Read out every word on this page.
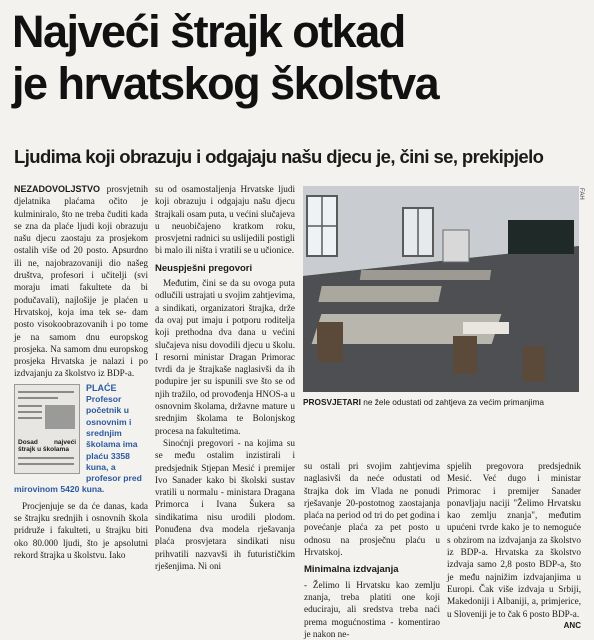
Najveći štrajk otkad
je hrvatskog školstva
Ljudima koji obrazuju i odgajaju našu djecu je, čini se, prekipjelo

NEZADOVOLJSTVO prosvjetnih djelatnika plaćama očito je kulminiralo, što ne treba čuditi kada se zna da plaće ljudi koji obrazuju našu djecu zaostaju za prosjekom ostalih više od 20 posto. Apsurdno ili ne, najobrazovaniji dio našeg društva, profesori i učitelji (svi moraju imati fakultete da bi podučavali), najlošije je plaćen u Hrvatskoj, koja ima tek se- dam posto visokoobrazovanih i po tome je na samom dnu europskog prosjeka. Na samom dnu europskog prosjeka Hrvatska je nalazi i po izdvajanju za školstvo iz BDP-a.

Dosad najveći štrajk u školama

PLAĆE

Profesor početnik u osnovnim i srednjim školama ima plaću 3358 kuna, a profesor pred mirovinom 5420 kuna.

Procjenjuje se da će danas, kada se štrajku srednjih i osnovnih škola pridruže i fakulteti, u štrajku biti oko 80.000 ljudi, što je apsolutni rekord štrajka u školstvu. Iako

su od osamostaljenja Hrvatske ljudi koji obrazuju i odgajaju našu djecu štrajkali osam puta, u većini slučajeva u neuobičajeno kratkom roku, prosvjetni radnici su uslijedili postigli bi malo ili ništa i vratili se u učionice.

Neuspješni pregovori

Međutim, čini se da su ovoga puta odlučili ustrajati u svojim zahtjevima, a sindikati, organizatori štrajka, drže da ovaj put imaju i potporu roditelja koji prethodna dva dana u većini slučajeva nisu dovodili djecu u školu. I resorni ministar Dragan Primorac tvrdi da je štrajkaše naglasivši da ih podupire jer su ispunili sve što se od njih tražilo, od provođenja HNOS-a u osnovnim školama, državne mature u srednjim školama te Bolonjskog procesa na fakultetima.

Sinoćnji pregovori - na kojima su se među ostalim inzistirali i predsjednik Stjepan Mesić i premijer Ivo Sanader kako bi školski sustav vratili u normalu - ministara Dragana Primorca i Ivana Šukera sa sindikatima nisu urodili plodom. Ponuđena dva modela rješavanja plaća prosvjetara sindikati nisu prihvatili nazvavši ih futurističkim rješenjima. Ni oni

FAH
PROSVJETARI ne žele odustati od zahtjeva za većim primanjima

su ostali pri svojim zahtjevima naglasivši da neće odustati od štrajka dok im Vlada ne ponudi rješavanje 20-postotnog zaostajanja plaća na period od tri do pet godina i povećanje plaća za pet posto u odnosu na prosječnu plaću u Hrvatskoj.

Minimalna izdvajanja

- Želimo li Hrvatsku kao zemlju znanja, treba platiti one koji educiraju, ali sredstva treba naći prema mogućnostima - komentirao je nakon ne-

spjelih pregovora predsjednik Mesić. Već dugo i ministar Primorac i premijer Sanader ponavljaju naciji "Želimo Hrvatsku kao zemlju znanja", međutim upućeni tvrde kako je to nemoguće s obzirom na izdvajanja za školstvo iz BDP-a. Hrvatska za školstvo izdvaja samo 2,8 posto BDP-a, što je među najnižim izdvajanjima u Europi. Čak više izdvaja u Srbiji, Makedoniji i Albaniji, a, primjerice, u Sloveniji je to čak 6 posto BDP-a.
ANC
